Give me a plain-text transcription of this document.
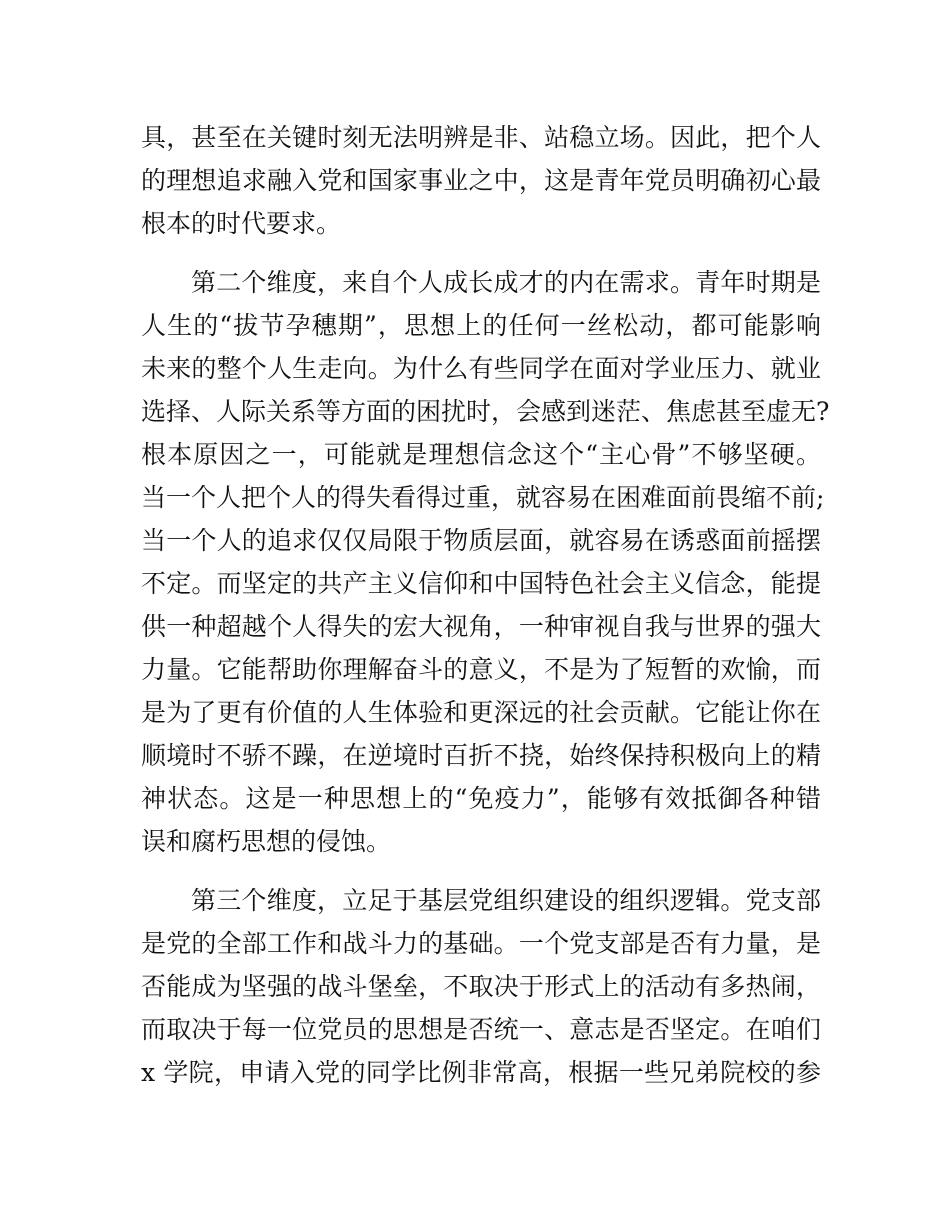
具，甚至在关键时刻无法明辨是非、站稳立场。因此，把个人
的理想追求融入党和国家事业之中，这是青年党员明确初心最
根本的时代要求。
第二个维度，来自个人成长成才的内在需求。青年时期是
人生的“拔节孕穗期”，思想上的任何一丝松动，都可能影响
未来的整个人生走向。为什么有些同学在面对学业压力、就业
选择、人际关系等方面的困扰时，会感到迷茫、焦虑甚至虚无?
根本原因之一，可能就是理想信念这个“主心骨”不够坚硬。
当一个人把个人的得失看得过重，就容易在困难面前畏缩不前;
当一个人的追求仅仅局限于物质层面，就容易在诱惑面前摇摆
不定。而坚定的共产主义信仰和中国特色社会主义信念，能提
供一种超越个人得失的宏大视角，一种审视自我与世界的强大
力量。它能帮助你理解奋斗的意义，不是为了短暂的欢愉，而
是为了更有价值的人生体验和更深远的社会贡献。它能让你在
顺境时不骄不躁，在逆境时百折不挠，始终保持积极向上的精
神状态。这是一种思想上的“免疫力”，能够有效抵御各种错
误和腐朽思想的侵蚀。
第三个维度，立足于基层党组织建设的组织逻辑。党支部
是党的全部工作和战斗力的基础。一个党支部是否有力量，是
否能成为坚强的战斗堡垒，不取决于形式上的活动有多热闹，
而取决于每一位党员的思想是否统一、意志是否坚定。在咱们
x 学院，申请入党的同学比例非常高，根据一些兄弟院校的参
